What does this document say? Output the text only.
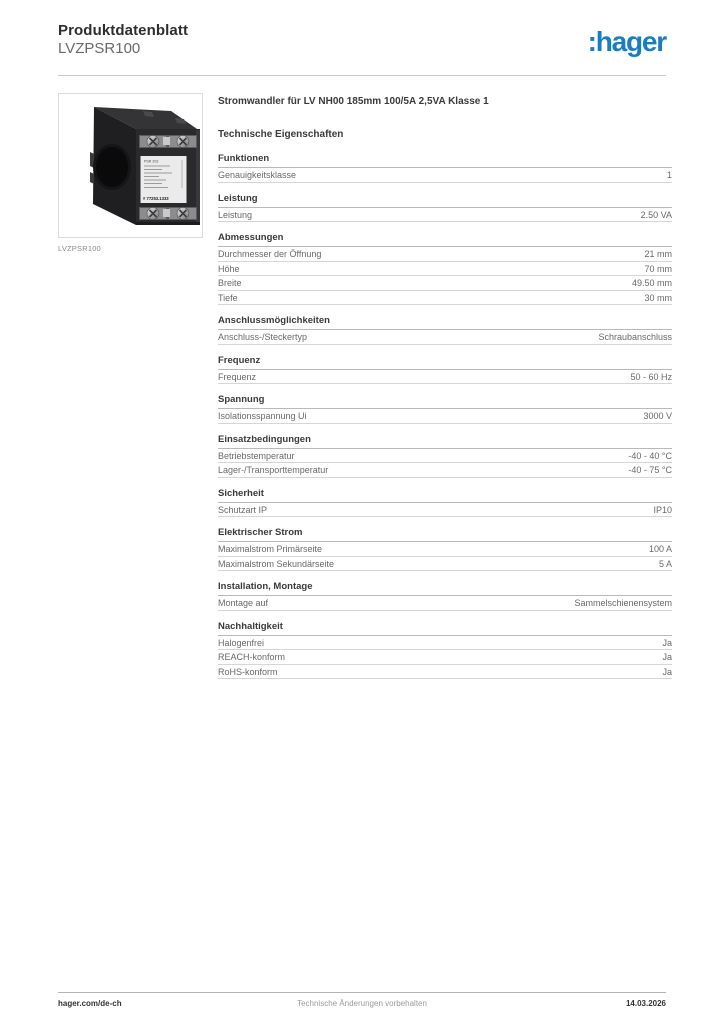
Produktdatenblatt
LVZPSR100	:hager
PSR 203
# 77253.1333
LVZPSR100
Stromwandler für LV NH00 185mm 100/5A 2,5VA Klasse 1
Technische Eigenschaften
Funktionen
Genauigkeitsklasse	1
Leistung
Leistung	2.50 VA
Abmessungen
Durchmesser der Öffnung	21 mm
Höhe	70 mm
Breite	49.50 mm
Tiefe	30 mm
Anschlussmöglichkeiten
Anschluss-/Steckertyp	Schraubanschluss
Frequenz
Frequenz	50 - 60 Hz
Spannung
Isolationsspannung Ui	3000 V
Einsatzbedingungen
Betriebstemperatur	-40 - 40 °C
Lager-/Transporttemperatur	-40 - 75 °C
Sicherheit
Schutzart IP	IP10
Elektrischer Strom
Maximalstrom Primärseite	100 A
Maximalstrom Sekundärseite	5 A
Installation, Montage
Montage auf	Sammelschienensystem
Nachhaltigkeit
Halogenfrei	Ja
REACH-konform	Ja
RoHS-konform	Ja
hager.com/de-ch	Technische Änderungen vorbehalten	14.03.2026
